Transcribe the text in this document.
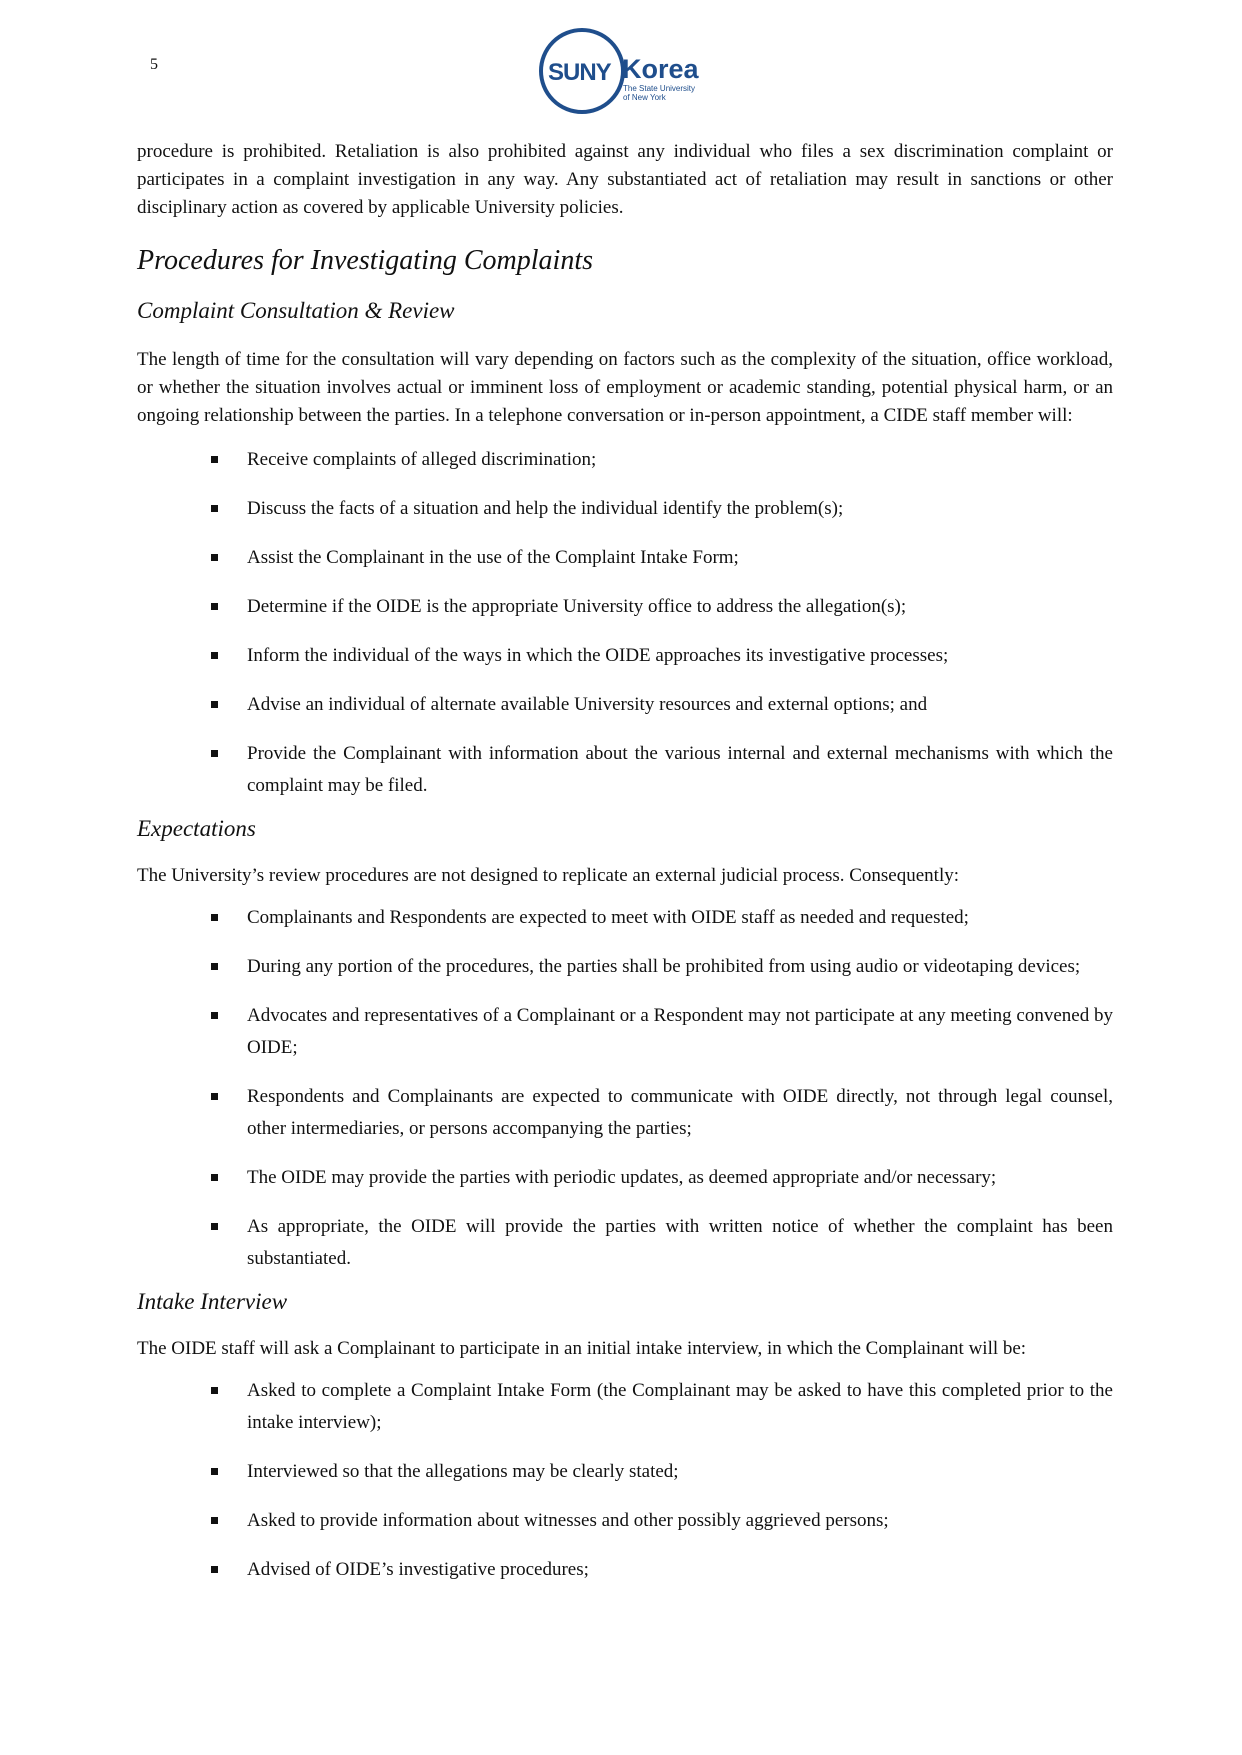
5	SUNY Korea
The State University
of New York

procedure is prohibited. Retaliation is also prohibited against any individual who files a sex discrimination complaint or participates in a complaint investigation in any way. Any substantiated act of retaliation may result in sanctions or other disciplinary action as covered by applicable University policies.

Procedures for Investigating Complaints
Complaint Consultation & Review

The length of time for the consultation will vary depending on factors such as the complexity of the situation, office workload, or whether the situation involves actual or imminent loss of employment or academic standing, potential physical harm, or an ongoing relationship between the parties. In a telephone conversation or in-person appointment, a CIDE staff member will:

Receive complaints of alleged discrimination;
Discuss the facts of a situation and help the individual identify the problem(s);
Assist the Complainant in the use of the Complaint Intake Form;
Determine if the OIDE is the appropriate University office to address the allegation(s);
Inform the individual of the ways in which the OIDE approaches its investigative processes;
Advise an individual of alternate available University resources and external options; and
Provide the Complainant with information about the various internal and external mechanisms with which the complaint may be filed.
Expectations

The University’s review procedures are not designed to replicate an external judicial process. Consequently:

Complainants and Respondents are expected to meet with OIDE staff as needed and requested;
During any portion of the procedures, the parties shall be prohibited from using audio or videotaping devices;
Advocates and representatives of a Complainant or a Respondent may not participate at any meeting convened by OIDE;
Respondents and Complainants are expected to communicate with OIDE directly, not through legal counsel, other intermediaries, or persons accompanying the parties;
The OIDE may provide the parties with periodic updates, as deemed appropriate and/or necessary;
As appropriate, the OIDE will provide the parties with written notice of whether the complaint has been substantiated.
Intake Interview

The OIDE staff will ask a Complainant to participate in an initial intake interview, in which the Complainant will be:

Asked to complete a Complaint Intake Form (the Complainant may be asked to have this completed prior to the intake interview);
Interviewed so that the allegations may be clearly stated;
Asked to provide information about witnesses and other possibly aggrieved persons;
Advised of OIDE’s investigative procedures;
